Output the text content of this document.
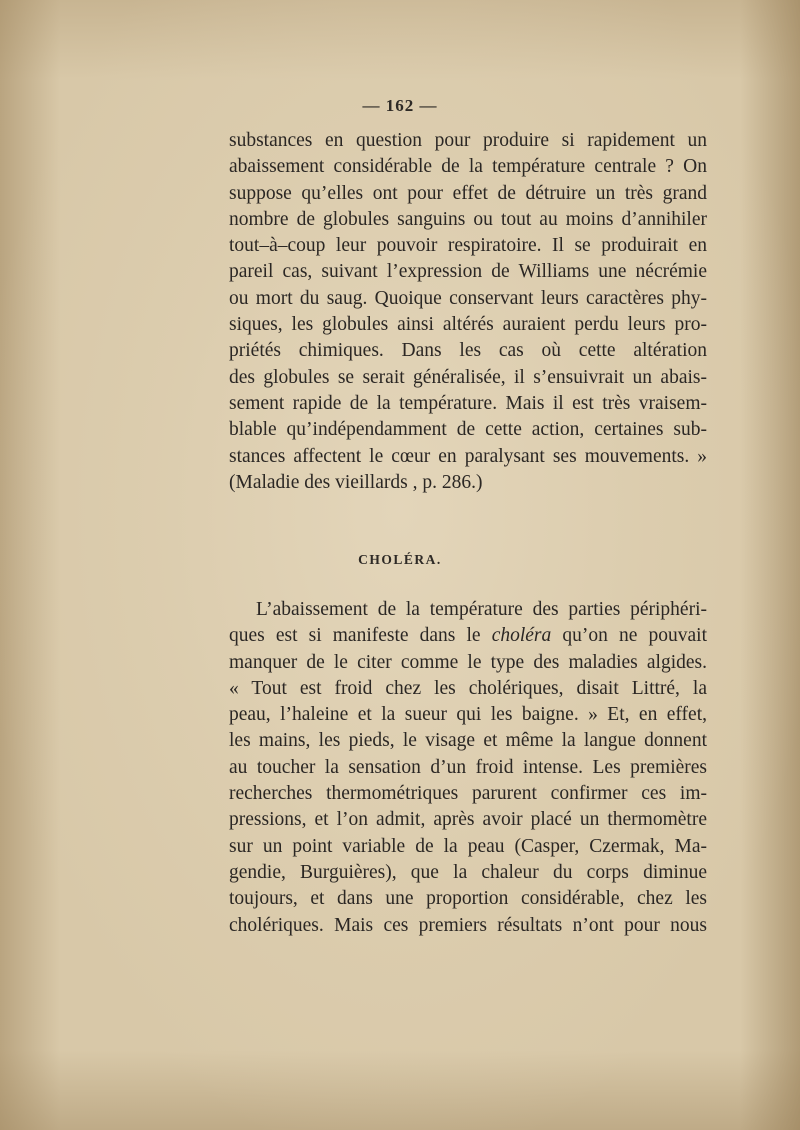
— 162 —
substances en question pour produire si rapidement un
abaissement considérable de la température centrale ? On
suppose qu’elles ont pour effet de détruire un très grand
nombre de globules sanguins ou tout au moins d’annihiler
tout–à–coup leur pouvoir respiratoire. Il se produirait en
pareil cas, suivant l’expression de Williams une nécrémie
ou mort du saug. Quoique conservant leurs caractères phy-
siques, les globules ainsi altérés auraient perdu leurs pro-
priétés chimiques. Dans les cas où cette altération
des globules se serait généralisée, il s’ensuivrait un abais-
sement rapide de la température. Mais il est très vraisem-
blable qu’indépendamment de cette action, certaines sub-
stances affectent le cœur en paralysant ses mouvements. »
(Maladie des vieillards , p. 286.)
CHOLÉRA.
L’abaissement de la température des parties périphéri-
ques est si manifeste dans le choléra qu’on ne pouvait
manquer de le citer comme le type des maladies algides.
« Tout est froid chez les cholériques, disait Littré, la
peau, l’haleine et la sueur qui les baigne. » Et, en effet,
les mains, les pieds, le visage et même la langue donnent
au toucher la sensation d’un froid intense. Les premières
recherches thermométriques parurent confirmer ces im-
pressions, et l’on admit, après avoir placé un thermomètre
sur un point variable de la peau (Casper, Czermak, Ma-
gendie, Burguières), que la chaleur du corps diminue
toujours, et dans une proportion considérable, chez les
cholériques. Mais ces premiers résultats n’ont pour nous
